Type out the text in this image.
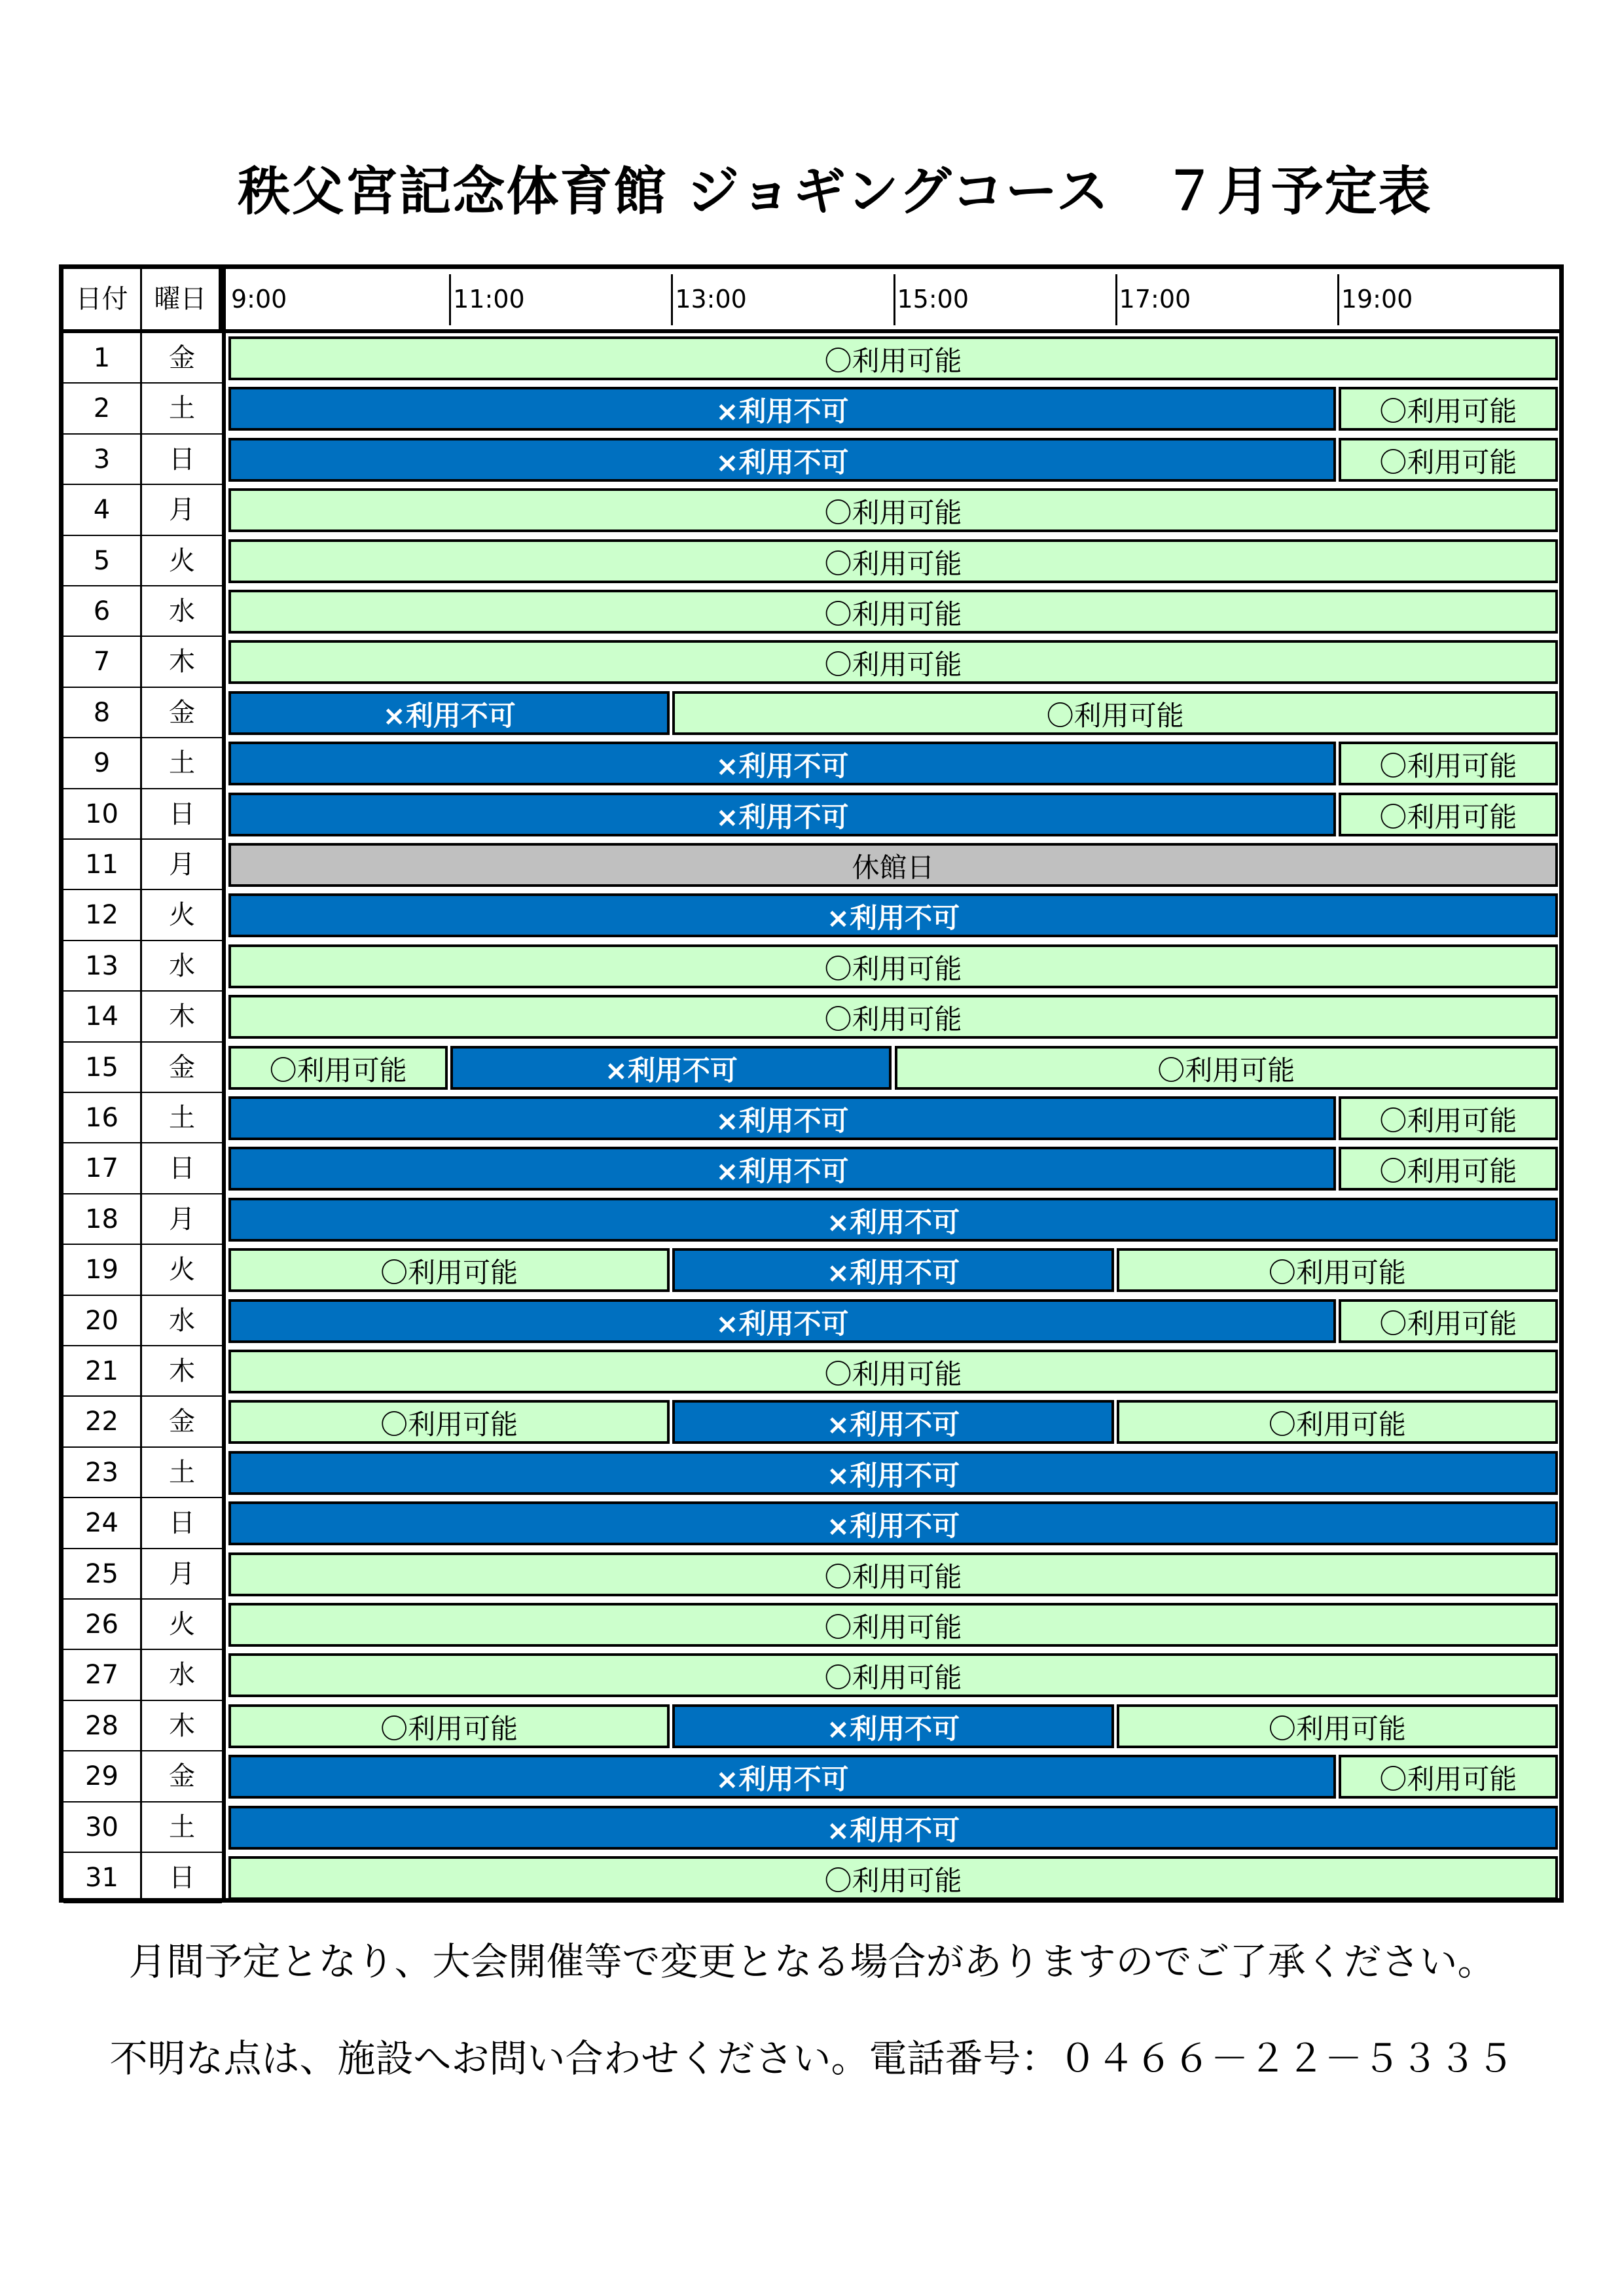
秩父宮記念体育館 ジョギングコース　７月予定表
日付	曜日 9:00	11:00	13:00	15:00	17:00	19:00
1	金	〇利用可能
2	土	×利用不可	〇利用可能
3	日	×利用不可	〇利用可能
4	月	〇利用可能
5	火	〇利用可能
6	水	〇利用可能
7	木	〇利用可能
8	金	×利用不可	〇利用可能
9	土	×利用不可	〇利用可能
10	日	×利用不可	〇利用可能
11	月	休館日
12	火	×利用不可
13	水	〇利用可能
14	木	〇利用可能
15	金	〇利用可能	×利用不可	〇利用可能
16	土	×利用不可	〇利用可能
17	日	×利用不可	〇利用可能
18	月	×利用不可
19	火	〇利用可能	×利用不可	〇利用可能
20	水	×利用不可	〇利用可能
21	木	〇利用可能
22	金	〇利用可能	×利用不可	〇利用可能
23	土	×利用不可
24	日	×利用不可
25	月	〇利用可能
26	火	〇利用可能
27	水	〇利用可能
28	木	〇利用可能	×利用不可	〇利用可能
29	金	×利用不可	〇利用可能
30	土	×利用不可
31	日	〇利用可能
月間予定となり、大会開催等で変更となる場合がありますのでご了承ください。
不明な点は、施設へお問い合わせください。電話番号：０４６６－２２－５３３５
